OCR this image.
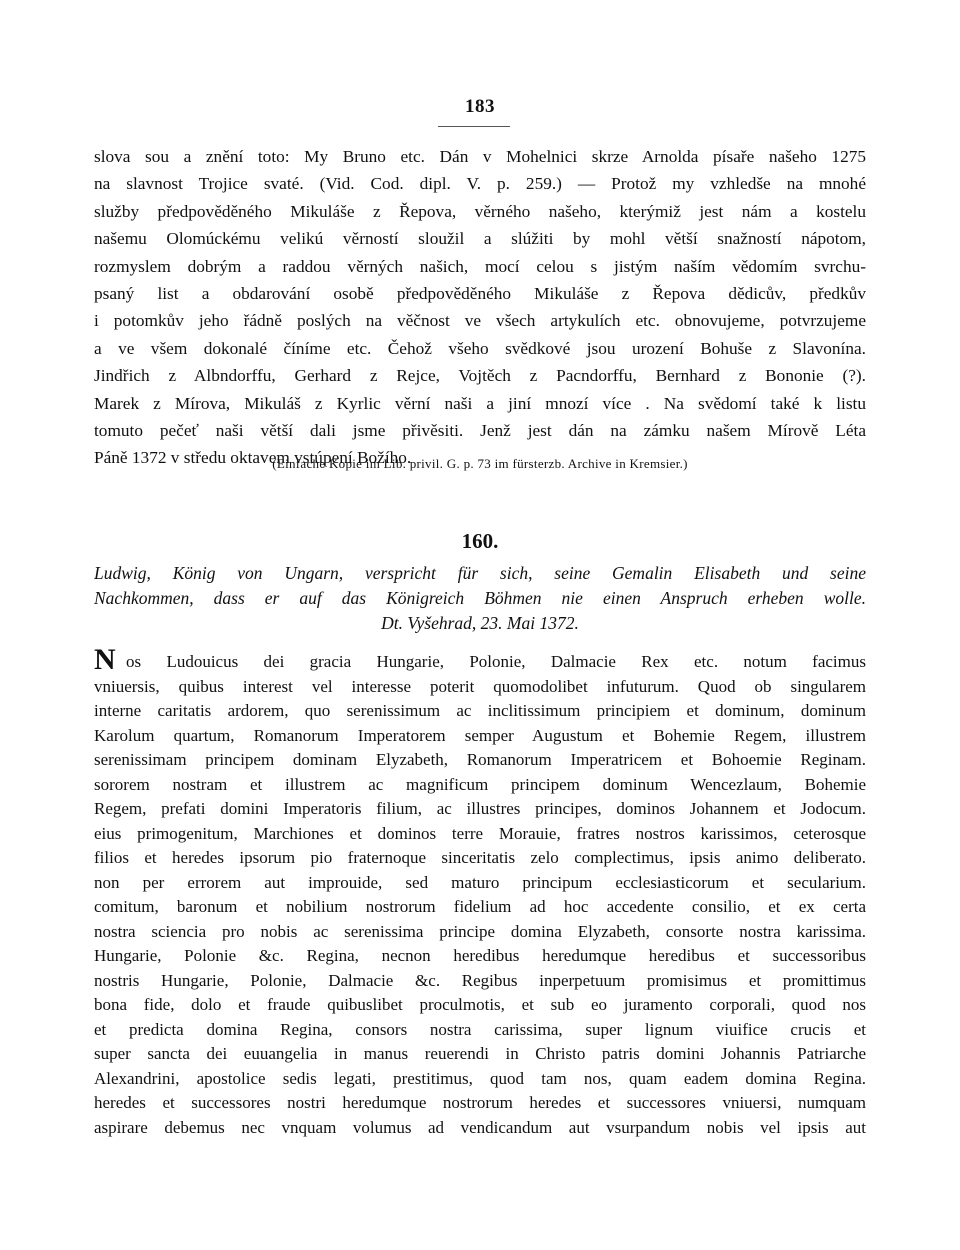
183
slova sou a znění toto: My Bruno etc. Dán v Mohelnici skrze Arnolda písaře našeho 1275
na slavnost Trojice svaté. (Vid. Cod. dipl. V. p. 259.) — Protož my vzhledše na mnohé
služby předpověděného Mikuláše z Řepova, věrného našeho, kterýmiž jest nám a kostelu
našemu Olomúckému velikú věrností sloužil a slúžiti by mohl větší snažností nápotom,
rozmyslem dobrým a raddou věrných našich, mocí celou s jistým naším vědomím svrchu-
psaný list a obdarování osobě předpověděného Mikuláše z Řepova dědicův, předkův
i potomkův jeho řádně poslých na věčnost ve všech artykulích etc. obnovujeme, potvrzujeme
a ve všem dokonalé číníme etc. Čehož všeho svědkové jsou urození Bohuše z Slavonína.
Jindřich z Albndorffu, Gerhard z Rejce, Vojtěch z Pacndorffu, Bernhard z Bononie (?).
Marek z Mírova, Mikuláš z Kyrlic věrní naši a jiní mnozí více . Na svědomí také k listu
tomuto pečeť naši větší dali jsme přivěsiti. Jenž jest dán na zámku našem Mírově Léta
Páně 1372 v středu oktavem vstúpení Božího.
(Einfache Kopie im Lib. privil. G. p. 73 im fürsterzb. Archive in Kremsier.)
160.
Ludwig, König von Ungarn, verspricht für sich, seine Gemalin Elisabeth und seine
Nachkommen, dass er auf das Königreich Böhmen nie einen Anspruch erheben wolle.
Dt. Vyšehrad, 23. Mai 1372.
N os Ludouicus dei gracia Hungarie, Polonie, Dalmacie Rex etc. notum facimus
vniuersis, quibus interest vel interesse poterit quomodolibet infuturum. Quod ob singularem
interne caritatis ardorem, quo serenissimum ac inclitissimum principiem et dominum, dominum
Karolum quartum, Romanorum Imperatorem semper Augustum et Bohemie Regem, illustrem
serenissimam principem dominam Elyzabeth, Romanorum Imperatricem et Bohoemie Reginam.
sororem nostram et illustrem ac magnificum principem dominum Wencezlaum, Bohemie
Regem, prefati domini Imperatoris filium, ac illustres principes, dominos Johannem et Jodocum.
eius primogenitum, Marchiones et dominos terre Morauie, fratres nostros karissimos, ceterosque
filios et heredes ipsorum pio fraternoque sinceritatis zelo complectimus, ipsis animo deliberato.
non per errorem aut improuide, sed maturo principum ecclesiasticorum et secularium.
comitum, baronum et nobilium nostrorum fidelium ad hoc accedente consilio, et ex certa
nostra sciencia pro nobis ac serenissima principe domina Elyzabeth, consorte nostra karissima.
Hungarie, Polonie &c. Regina, necnon heredibus heredumque heredibus et successoribus
nostris Hungarie, Polonie, Dalmacie &c. Regibus inperpetuum promisimus et promittimus
bona fide, dolo et fraude quibuslibet proculmotis, et sub eo juramento corporali, quod nos
et predicta domina Regina, consors nostra carissima, super lignum viuifice crucis et
super sancta dei euuangelia in manus reuerendi in Christo patris domini Johannis Patriarche
Alexandrini, apostolice sedis legati, prestitimus, quod tam nos, quam eadem domina Regina.
heredes et successores nostri heredumque nostrorum heredes et successores vniuersi, numquam
aspirare debemus nec vnquam volumus ad vendicandum aut vsurpandum nobis vel ipsis aut
